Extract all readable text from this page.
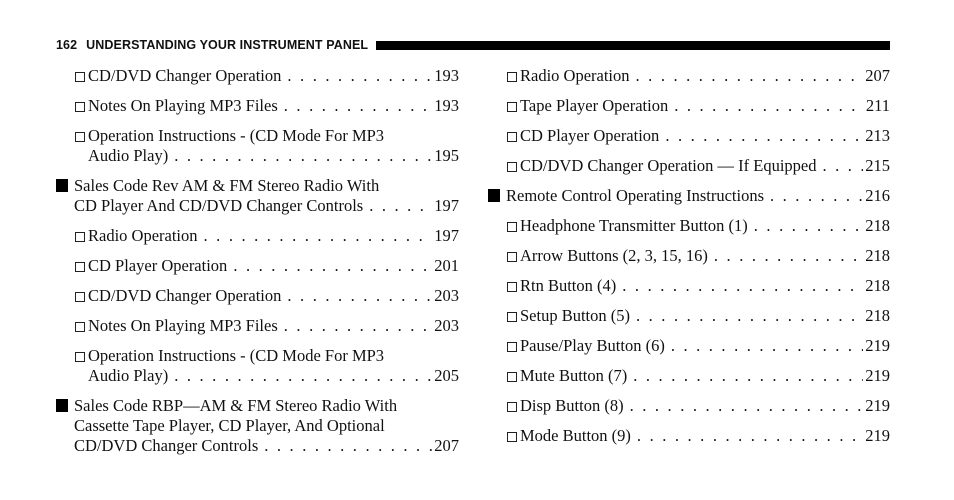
162 UNDERSTANDING YOUR INSTRUMENT PANEL
CD/DVD Changer Operation . . .	193
Notes On Playing MP3 Files . . .	193
Operation Instructions - (CD Mode For MP3
Audio Play) . . .	195
Sales Code Rev AM & FM Stereo Radio With
CD Player And CD/DVD Changer Controls . . .	197
Radio Operation . . .	197
CD Player Operation . . .	201
CD/DVD Changer Operation . . .	203
Notes On Playing MP3 Files . . .	203
Operation Instructions - (CD Mode For MP3
Audio Play) . . .	205
Sales Code RBP—AM & FM Stereo Radio With
Cassette Tape Player, CD Player, And Optional
CD/DVD Changer Controls . . .	207
Radio Operation . . .	207
Tape Player Operation . . .	211
CD Player Operation . . .	213
CD/DVD Changer Operation — If Equipped . . .	215
Remote Control Operating Instructions . . .	216
Headphone Transmitter Button (1) . . .	218
Arrow Buttons (2, 3, 15, 16) . . .	218
Rtn Button (4) . . .	218
Setup Button (5) . . .	218
Pause/Play Button (6) . . .	219
Mute Button (7) . . .	219
Disp Button (8) . . .	219
Mode Button (9) . . .	219
